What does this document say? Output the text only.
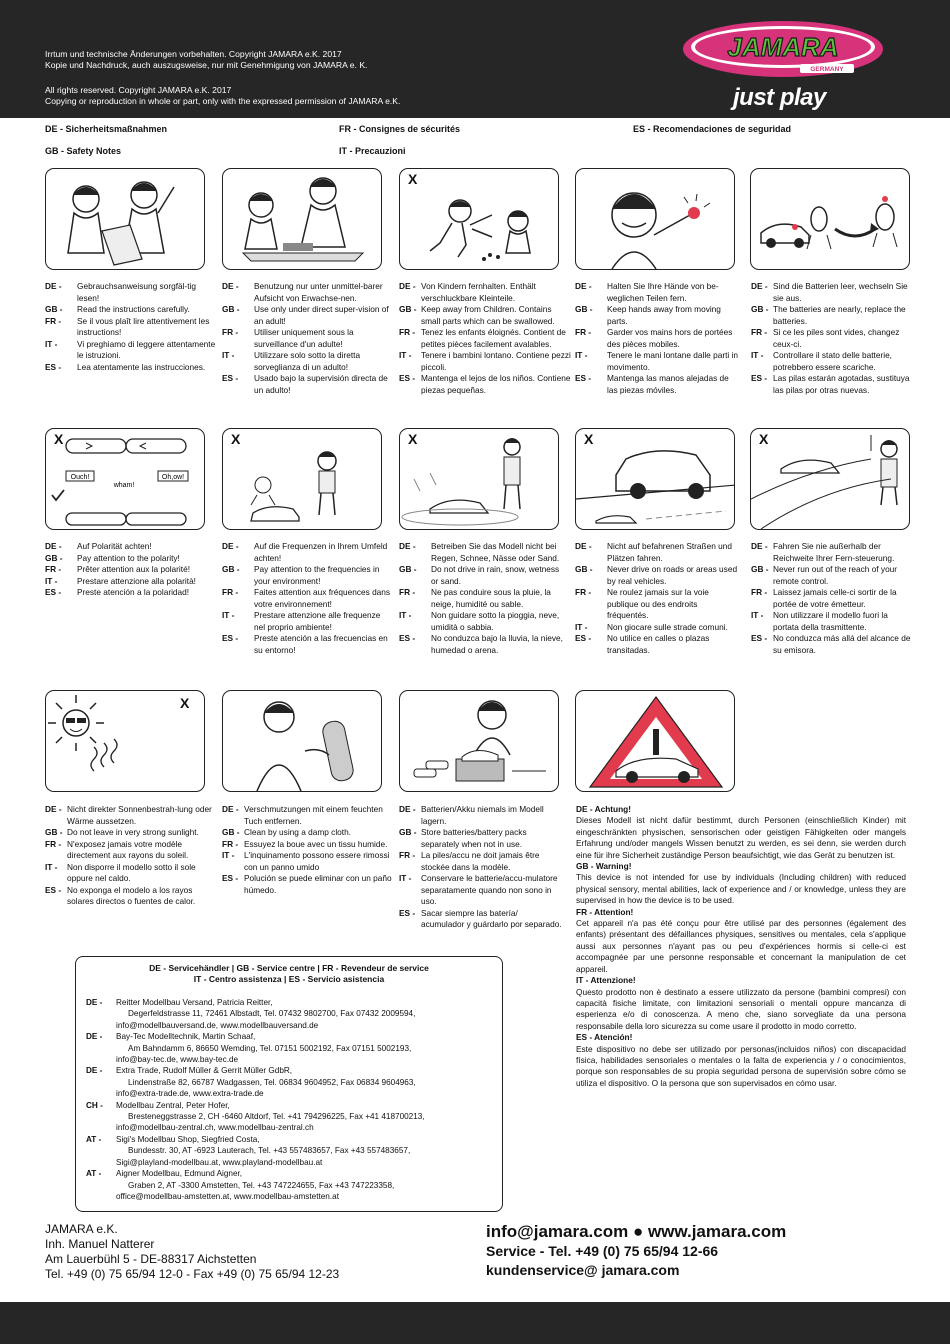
Irrtum und technische Änderungen vorbehalten. Copyright JAMARA e.K. 2017
Kopie und Nachdruck, auch auszugsweise, nur mit Genehmigung von JAMARA e. K.
All rights reserved. Copyright JAMARA e.K. 2017
Copying or reproduction in whole or part, only with the expressed permission of JAMARA e.K.
JAMARA
GERMANY
just play
DE - Sicherheitsmaßnahmen
GB - Safety Notes
FR - Consignes de sécurités
IT - Precauzioni
ES - Recomendaciones de seguridad
X
DE -	Gebrauchsanweisung sorgfäl-tig lesen!
GB -	Read the instructions carefully.
FR -	Se il vous plaît lire attentivement les instructions!
IT -	Vi preghiamo di leggere attentamente le istruzioni.
ES -	Lea atentamente las instrucciones.
DE -	Benutzung nur unter unmittel-barer Aufsicht von Erwachse-nen.
GB -	Use only under direct super-vision of an adult!
FR -	Utiliser uniquement sous la surveillance d'un adulte!
IT -	Utilizzare solo sotto la diretta sorveglianza di un adulto!
ES -	Usado bajo la supervisión directa de un adulto!
DE - Von Kindern fernhalten. Enthält verschluckbare Kleinteile.
GB - Keep away from Children. Contains small parts which can be swallowed.
FR - Tenez les enfants éloignés. Contient de petites pièces facilement avalables.
IT -	Tenere i bambini lontano. Contiene pezzi piccoli.
ES - Mantenga el lejos de los niños. Contiene piezas pequeñas.
DE -	Halten Sie Ihre Hände von be-weglichen Teilen fern.
GB -	Keep hands away from moving parts.
FR -	Garder vos mains hors de portées des pièces mobiles.
IT -	Tenere le mani lontane dalle parti in movimento.
ES -	Mantenga las manos alejadas de las piezas móviles.
DE - Sind die Batterien leer, wechseln Sie sie aus.
GB - The batteries are nearly, replace the batteries.
FR - Si ce les piles sont vides, changez ceux-ci.
IT -	Controllare il stato delle batterie, potrebbero essere scariche.
ES - Las pilas estarán agotadas, sustituya las pilas por otras nuevas.
X
Ouch!	Oh,ow!
wham!
X	X	X	X
DE -	Auf Polarität achten!
GB -	Pay attention to the polarity!
FR -	Prêter attention aux la polarité!
IT -	Prestare attenzione alla polarità!
ES -	Preste atención a la polaridad!
DE -	Auf die Frequenzen in Ihrem Umfeld achten!
GB -	Pay attention to the frequencies in your environment!
FR -	Faites attention aux fréquences dans votre environnement!
IT -	Prestare attenzione alle frequenze nel proprio ambiente!
ES -	Preste atención a las frecuencias en su entorno!
DE -	Betreiben Sie das Modell nicht bei Regen, Schnee, Nässe oder Sand.
GB -	Do not drive in rain, snow, wetness or sand.
FR -	Ne pas conduire sous la pluie, la neige, humidité ou sable.
IT -	Non guidare sotto la pioggia, neve, umidità o sabbia.
ES -	No conduzca bajo la lluvia, la nieve, humedad o arena.
DE -	Nicht auf befahrenen Straßen und Plätzen fahren.
GB -	Never drive on roads or areas used by real vehicles.
FR -	Ne roulez jamais sur la voie publique ou des endroits fréquentés.
IT -	Non giocare sulle strade comuni.
ES -	No utilice en calles o plazas transitadas.
DE - Fahren Sie nie außerhalb der Reichweite Ihrer Fern-steuerung.
GB - Never run out of the reach of your remote control.
FR - Laissez jamais celle-ci sortir de la portée de votre émetteur.
IT -	Non utilizzare il modello fuori la portata della trasmittente.
ES - No conduzca más allá del alcance de su emisora.
X
DE - Nicht direkter Sonnenbestrah-lung oder Wärme aussetzen.
GB - Do not leave in very strong sunlight.
FR - N'exposez jamais votre modèle directement aux rayons du soleil.
IT -	Non disporre il modello sotto il sole oppure nel caldo.
ES - No exponga el modelo a los rayos solares directos o fuentes de calor.
DE - Verschmutzungen mit einem feuchten Tuch entfernen.
GB - Clean by using a damp cloth.
FR - Essuyez la boue avec un tissu humide.
IT -	L'inquinamento possono essere rimossi con un panno umido
ES - Polución se puede eliminar con un paño húmedo.
DE - Batterien/Akku niemals im Modell lagern.
GB - Store batteries/battery packs separately when not in use.
FR - La piles/accu ne doit jamais être stockée dans la modèle.
IT -	Conservare le batterie/accu-mulatore separatamente quando non sono in uso.
ES - Sacar siempre las batería/ acumulador y guárdarlo por separado.
DE - Achtung!
Dieses Modell ist nicht dafür bestimmt, durch Personen (einschließlich Kinder) mit eingeschränkten physischen, sensorischen oder geistigen Fähigkeiten oder mangels Erfahrung und/oder mangels Wissen benutzt zu werden, es sei denn, sie werden durch eine für ihre Sicherheit zuständige Person beaufsichtigt, wie das Gerät zu benutzen ist.
GB - Warning!
This device is not intended for use by individuals (Including children) with reduced physical sensory, mental abilities, lack of experience and / or knowledge, unless they are supervised in how the device is to be used.
FR - Attention!
Cet appareil n'a pas été conçu pour être utilisé par des personnes (également des enfants) présentant des défaillances physiques, sensitives ou mentales, cela s'applique aussi aux personnes n'ayant pas ou peu d'expériences hormis si celle-ci est accompagnée par une personne responsable et concernant la manipulation de cet appareil.
IT - Attenzione!
Questo prodotto non è destinato a essere utilizzato da persone (bambini compresi) con capacità fisiche limitate, con limitazioni sensoriali o mentali oppure mancanza di esperienza e/o di conoscenza. A meno che, siano sorvegliate da una persona responsabile della loro sicurezza su come usare il prodotto in modo corretto.
ES - Atención!
Este dispositivo no debe ser utilizado por personas(incluidos niños) con discapacidad física, habilidades sensoriales o mentales o la falta de experiencia y / o conocimientos, porque son responsables de su propia seguridad persona de supervisión sobre cómo se utiliza el dispositivo. O la persona que son supervisados en cómo usar.
DE - Servicehändler | GB - Service centre | FR - Revendeur de service
IT - Centro assistenza | ES - Servicio asistencia
DE -	Reitter Modellbau Versand, Patricia Reitter,
Degerfeldstrasse 11, 72461 Albstadt, Tel. 07432 9802700, Fax 07432 2009594,
info@modellbauversand.de, www.modellbauversand.de
DE -	Bay-Tec Modelltechnik, Martin Schaaf,
Am Bahndamm 6, 86650 Wemding, Tel. 07151 5002192, Fax 07151 5002193,
info@bay-tec.de, www.bay-tec.de
DE -	Extra Trade, Rudolf Müller & Gerrit Müller GdbR,
Lindenstraße 82, 66787 Wadgassen, Tel. 06834 9604952, Fax 06834 9604963,
info@extra-trade.de, www.extra-trade.de
CH -	Modellbau Zentral, Peter Hofer,
Bresteneggstrasse 2, CH -6460 Altdorf, Tel. +41 794296225, Fax +41 418700213,
info@modellbau-zentral.ch, www.modellbau-zentral.ch
AT -	Sigi's Modellbau Shop, Siegfried Costa,
Bundesstr. 30, AT -6923 Lauterach, Tel. +43 557483657, Fax +43 557483657,
Sigi@playland-modellbau.at, www.playland-modellbau.at
AT -	Aigner Modellbau, Edmund Aigner,
Graben 2, AT -3300 Amstetten, Tel. +43 747224655, Fax +43 747223358,
office@modellbau-amstetten.at, www.modellbau-amstetten.at
JAMARA e.K.
Inh. Manuel Natterer
Am Lauerbühl 5 - DE-88317 Aichstetten
Tel. +49 (0) 75 65/94 12-0 - Fax +49 (0) 75 65/94 12-23
info@jamara.com ● www.jamara.com
Service - Tel. +49 (0) 75 65/94 12-66
kundenservice@ jamara.com
